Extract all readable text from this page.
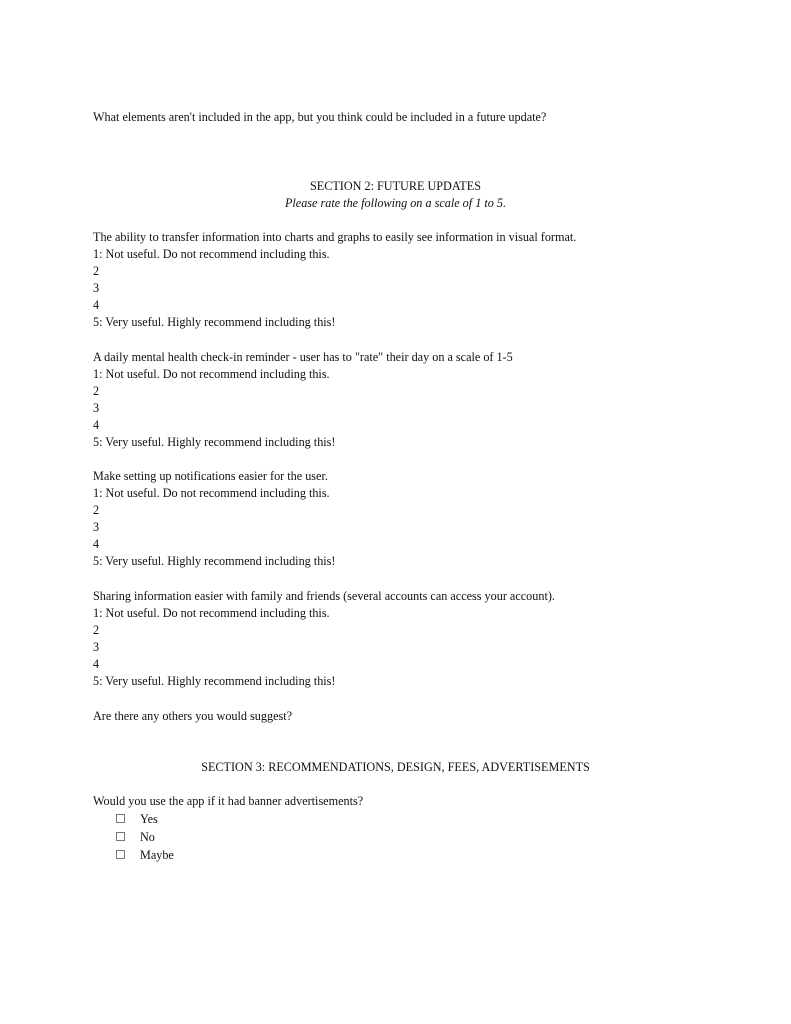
What elements aren't included in the app, but you think could be included in a future update?
SECTION 2: FUTURE UPDATES
Please rate the following on a scale of 1 to 5.
The ability to transfer information into charts and graphs to easily see information in visual format.
1: Not useful. Do not recommend including this.
2
3
4
5: Very useful. Highly recommend including this!
A daily mental health check-in reminder - user has to "rate" their day on a scale of 1-5
1: Not useful. Do not recommend including this.
2
3
4
5: Very useful. Highly recommend including this!
Make setting up notifications easier for the user.
1: Not useful. Do not recommend including this.
2
3
4
5: Very useful. Highly recommend including this!
Sharing information easier with family and friends (several accounts can access your account).
1: Not useful. Do not recommend including this.
2
3
4
5: Very useful. Highly recommend including this!
Are there any others you would suggest?
SECTION 3: RECOMMENDATIONS, DESIGN, FEES, ADVERTISEMENTS
Would you use the app if it had banner advertisements?
Yes
No
Maybe
